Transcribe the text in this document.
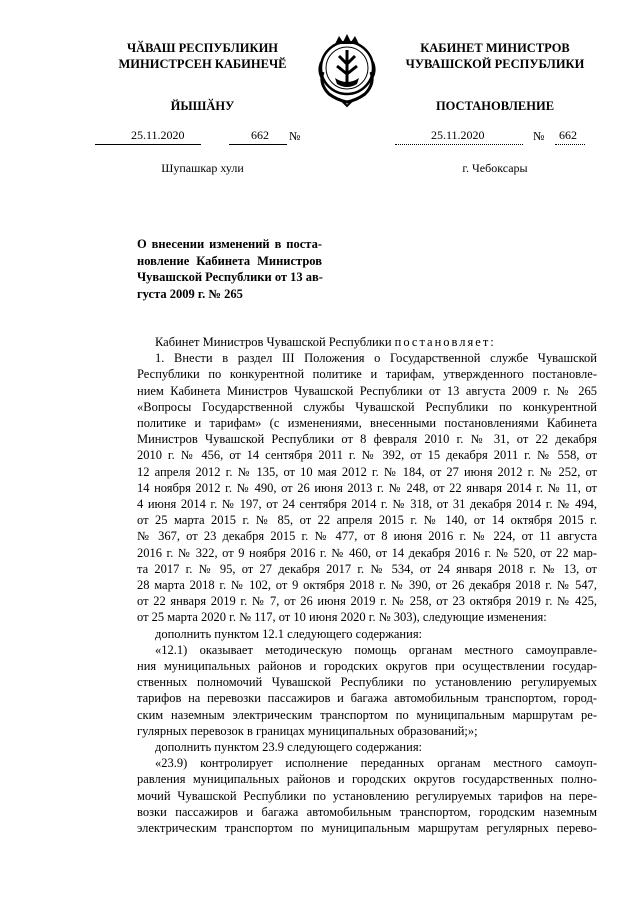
ЧӐВАШ РЕСПУБЛИКИН
МИНИСТРСЕН КАБИНЕЧӖ
КАБИНЕТ МИНИСТРОВ
ЧУВАШСКОЙ РЕСПУБЛИКИ
ЙЫШӐНУ	ПОСТАНОВЛЕНИЕ
25.11.2020	662 №	25.11.2020	№ 662
Шупашкар хули	г. Чебоксары
О внесении изменений в поста-
новление Кабинета Министров
Чувашской Республики от 13 ав-
густа 2009 г. № 265
Кабинет Министров Чувашской Республики постановляет:
1. Внести в раздел III Положения о Государственной службе Чувашской
Республики по конкурентной политике и тарифам, утвержденного постановле-
нием Кабинета Министров Чувашской Республики от 13 августа 2009 г. № 265
«Вопросы Государственной службы Чувашской Республики по конкурентной
политике и тарифам» (с изменениями, внесенными постановлениями Кабинета
Министров Чувашской Республики от 8 февраля 2010 г. № 31, от 22 декабря
2010 г. № 456, от 14 сентября 2011 г. № 392, от 15 декабря 2011 г. № 558, от
12 апреля 2012 г. № 135, от 10 мая 2012 г. № 184, от 27 июня 2012 г. № 252, от
14 ноября 2012 г. № 490, от 26 июня 2013 г. № 248, от 22 января 2014 г. № 11, от
4 июня 2014 г. № 197, от 24 сентября 2014 г. № 318, от 31 декабря 2014 г. № 494,
от 25 марта 2015 г. № 85, от 22 апреля 2015 г. № 140, от 14 октября 2015 г.
№ 367, от 23 декабря 2015 г. № 477, от 8 июня 2016 г. № 224, от 11 августа
2016 г. № 322, от 9 ноября 2016 г. № 460, от 14 декабря 2016 г. № 520, от 22 мар-
та 2017 г. № 95, от 27 декабря 2017 г. № 534, от 24 января 2018 г. № 13, от
28 марта 2018 г. № 102, от 9 октября 2018 г. № 390, от 26 декабря 2018 г. № 547,
от 22 января 2019 г. № 7, от 26 июня 2019 г. № 258, от 23 октября 2019 г. № 425,
от 25 марта 2020 г. № 117, от 10 июня 2020 г. № 303), следующие изменения:
дополнить пунктом 12.1 следующего содержания:
«12.1) оказывает методическую помощь органам местного самоуправле-
ния муниципальных районов и городских округов при осуществлении государ-
ственных полномочий Чувашской Республики по установлению регулируемых
тарифов на перевозки пассажиров и багажа автомобильным транспортом, город-
ским наземным электрическим транспортом по муниципальным маршрутам ре-
гулярных перевозок в границах муниципальных образований;»;
дополнить пунктом 23.9 следующего содержания:
«23.9) контролирует исполнение переданных органам местного самоуп-
равления муниципальных районов и городских округов государственных полно-
мочий Чувашской Республики по установлению регулируемых тарифов на пере-
возки пассажиров и багажа автомобильным транспортом, городским наземным
электрическим транспортом по муниципальным маршрутам регулярных перево-
